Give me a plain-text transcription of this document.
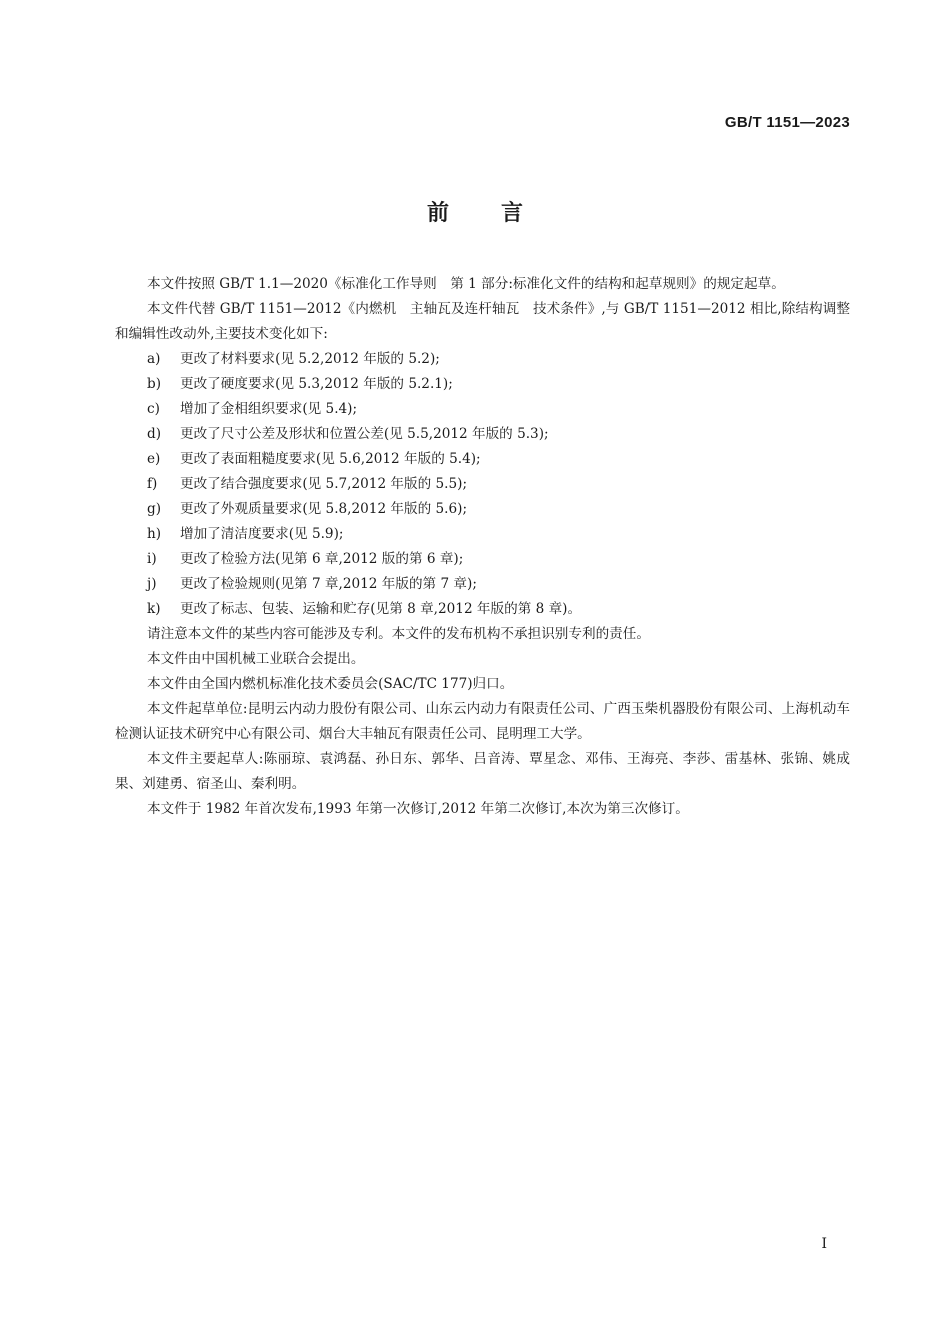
GB/T 1151—2023
前 言

本文件按照 GB/T 1.1—2020《标准化工作导则　第 1 部分:标准化文件的结构和起草规则》的规定起草。

本文件代替 GB/T 1151—2012《内燃机　主轴瓦及连杆轴瓦　技术条件》,与 GB/T 1151—2012 相比,除结构调整和编辑性改动外,主要技术变化如下:

a) 更改了材料要求(见 5.2,2012 年版的 5.2);

b) 更改了硬度要求(见 5.3,2012 年版的 5.2.1);

c) 增加了金相组织要求(见 5.4);

d) 更改了尺寸公差及形状和位置公差(见 5.5,2012 年版的 5.3);

e) 更改了表面粗糙度要求(见 5.6,2012 年版的 5.4);

f) 更改了结合强度要求(见 5.7,2012 年版的 5.5);

g) 更改了外观质量要求(见 5.8,2012 年版的 5.6);

h) 增加了清洁度要求(见 5.9);

i) 更改了检验方法(见第 6 章,2012 版的第 6 章);

j) 更改了检验规则(见第 7 章,2012 年版的第 7 章);

k) 更改了标志、包装、运输和贮存(见第 8 章,2012 年版的第 8 章)。

请注意本文件的某些内容可能涉及专利。本文件的发布机构不承担识别专利的责任。

本文件由中国机械工业联合会提出。

本文件由全国内燃机标准化技术委员会(SAC/TC 177)归口。

本文件起草单位:昆明云内动力股份有限公司、山东云内动力有限责任公司、广西玉柴机器股份有限公司、上海机动车检测认证技术研究中心有限公司、烟台大丰轴瓦有限责任公司、昆明理工大学。

本文件主要起草人:陈丽琼、袁鸿磊、孙日东、郭华、吕音涛、覃星念、邓伟、王海亮、李莎、雷基林、张锦、姚成果、刘建勇、宿圣山、秦利明。

本文件于 1982 年首次发布,1993 年第一次修订,2012 年第二次修订,本次为第三次修订。

I
